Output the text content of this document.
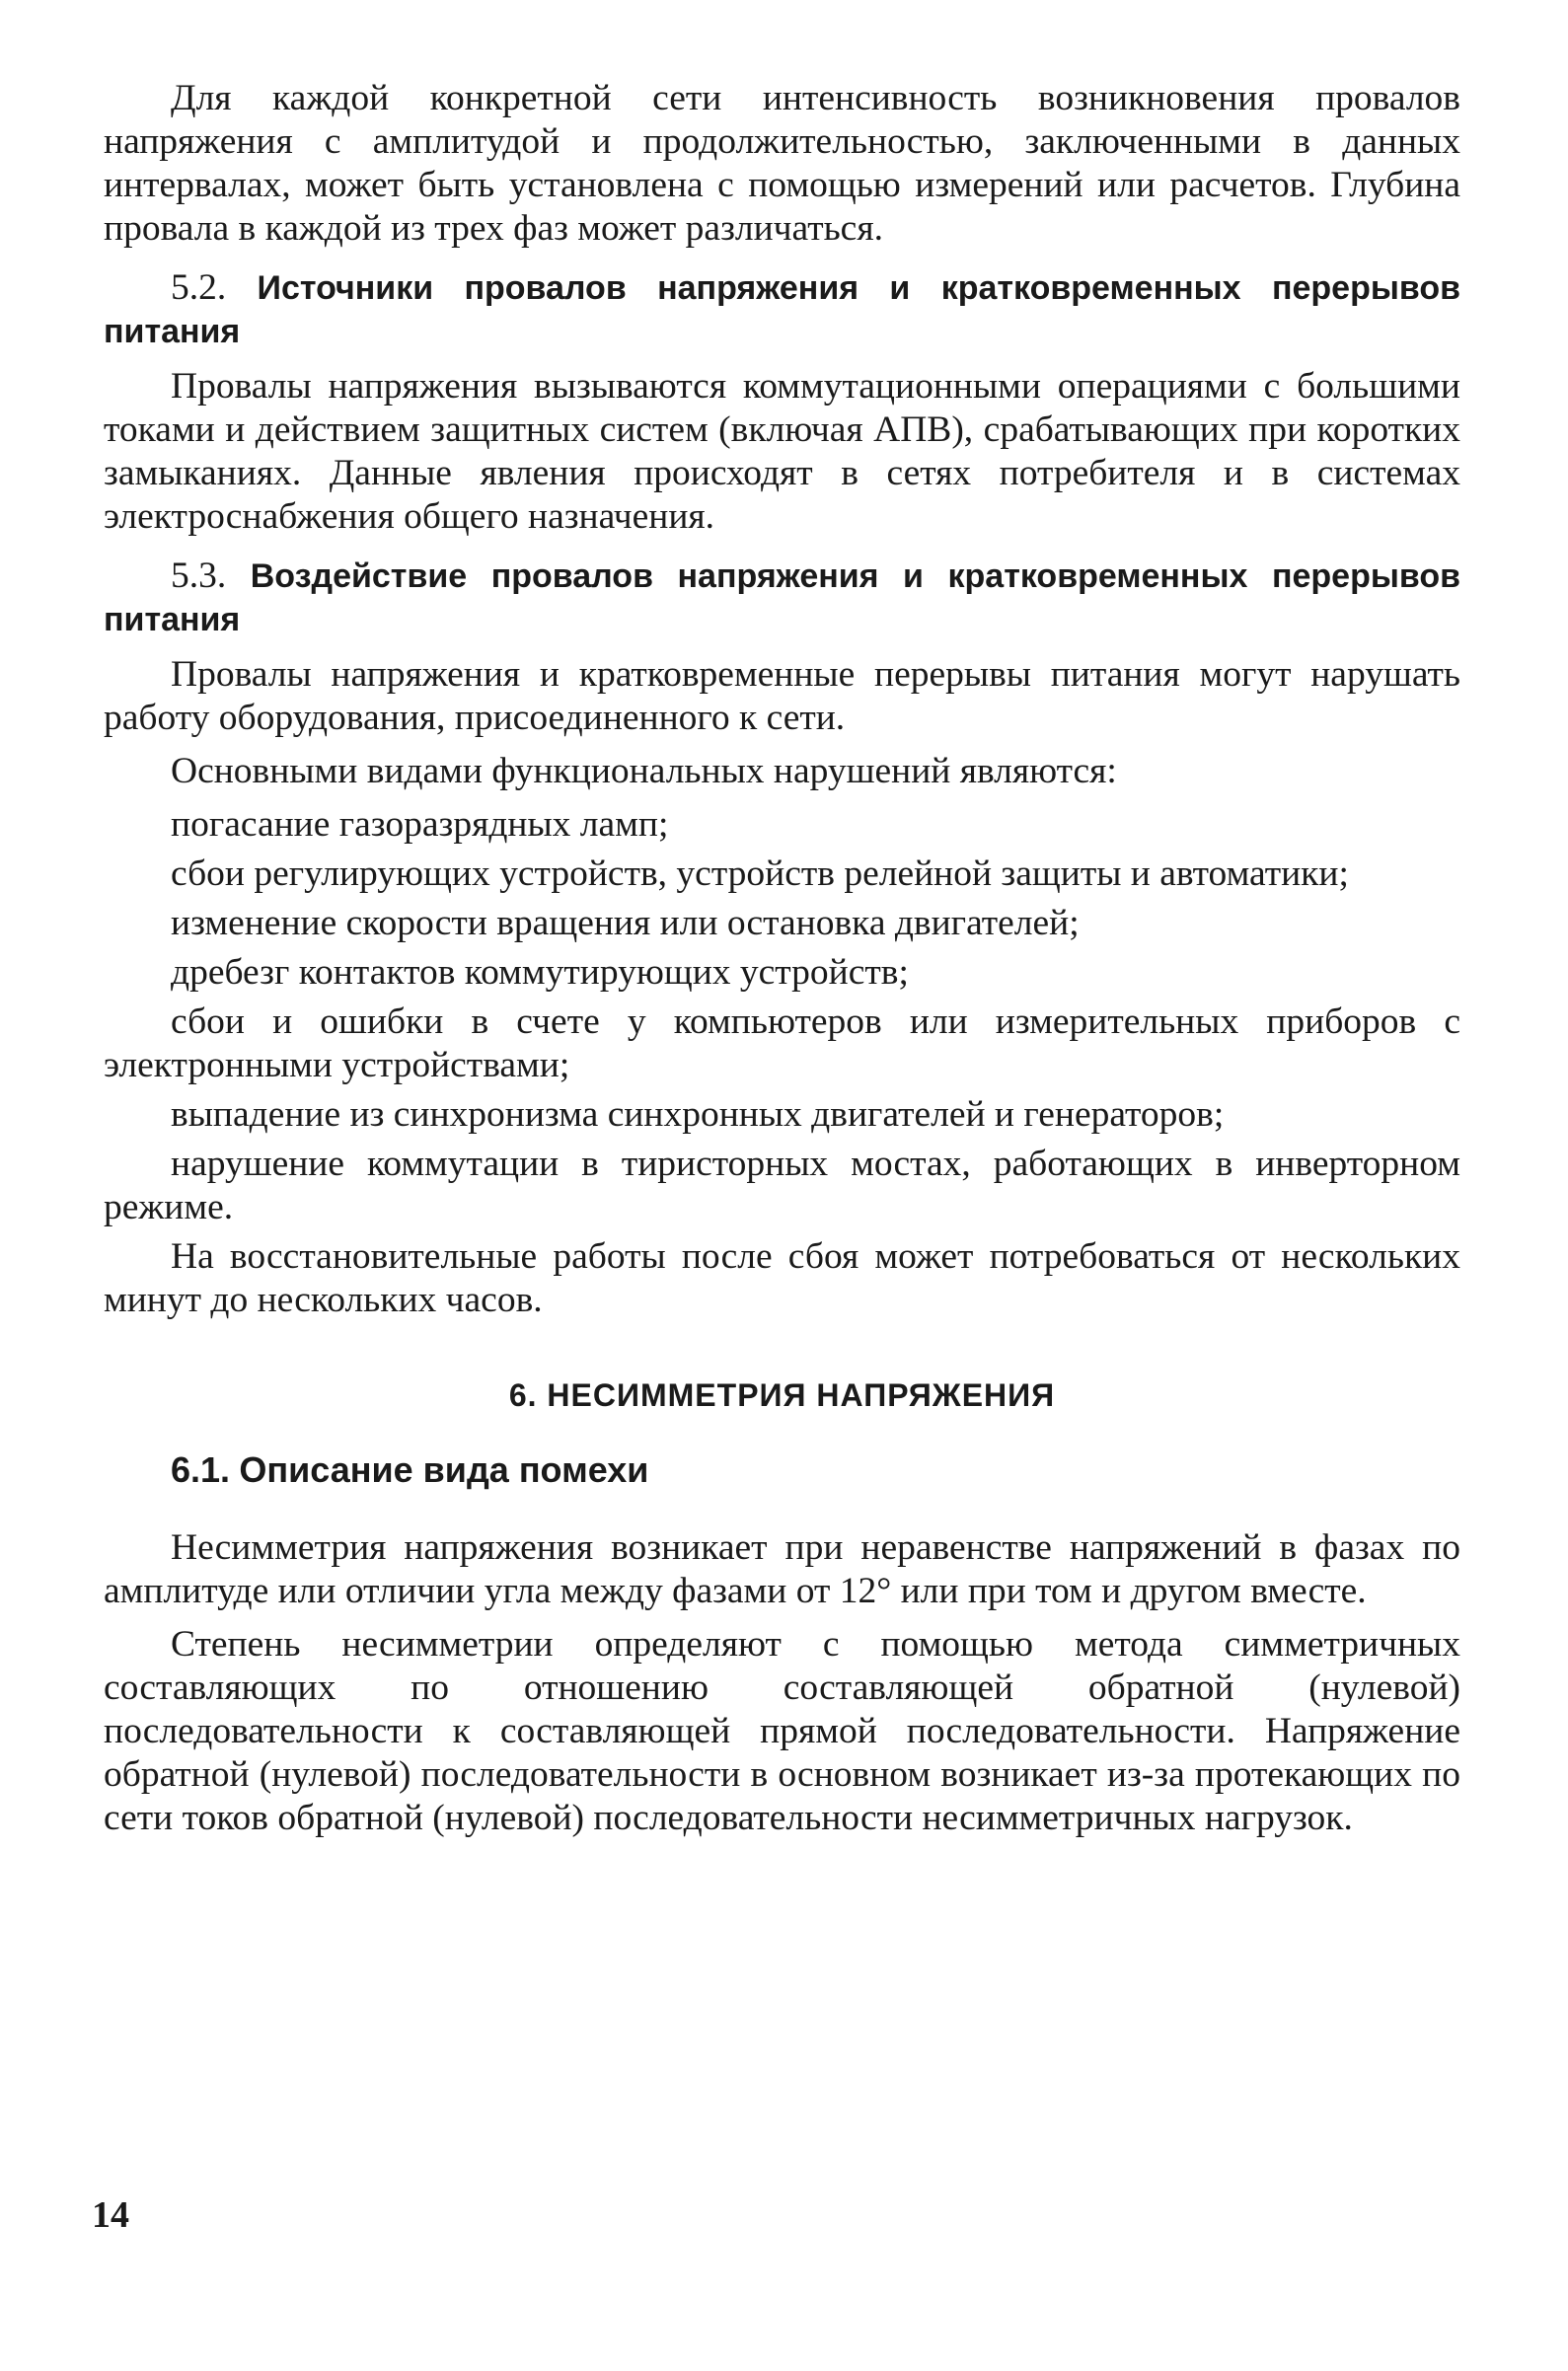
Для каждой конкретной сети интенсивность возникновения провалов напряжения с амплитудой и продолжительностью, заключенными в данных интервалах, может быть установлена с помощью измерений или расчетов. Глубина провала в каждой из трех фаз может различаться.

5.2. Источники провалов напряжения и кратковременных перерывов питания

Провалы напряжения вызываются коммутационными операциями с большими токами и действием защитных систем (включая АПВ), срабатывающих при коротких замыканиях. Данные явления происходят в сетях потребителя и в системах электроснабжения общего назначения.

5.3. Воздействие провалов напряжения и кратковременных перерывов питания

Провалы напряжения и кратковременные перерывы питания могут нарушать работу оборудования, присоединенного к сети.

Основными видами функциональных нарушений являются:

погасание газоразрядных ламп;

сбои регулирующих устройств, устройств релейной защиты и автоматики;

изменение скорости вращения или остановка двигателей;

дребезг контактов коммутирующих устройств;

сбои и ошибки в счете у компьютеров или измерительных приборов с электронными устройствами;

выпадение из синхронизма синхронных двигателей и генераторов;

нарушение коммутации в тиристорных мостах, работающих в инверторном режиме.

На восстановительные работы после сбоя может потребоваться от нескольких минут до нескольких часов.

6. НЕСИММЕТРИЯ НАПРЯЖЕНИЯ

6.1. Описание вида помехи

Несимметрия напряжения возникает при неравенстве напряжений в фазах по амплитуде или отличии угла между фазами от 12° или при том и другом вместе.

Степень несимметрии определяют с помощью метода симметричных составляющих по отношению составляющей обратной (нулевой) последовательности к составляющей прямой последовательности. Напряжение обратной (нулевой) последовательности в основном возникает из-за протекающих по сети токов обратной (нулевой) последовательности несимметричных нагрузок.

14
